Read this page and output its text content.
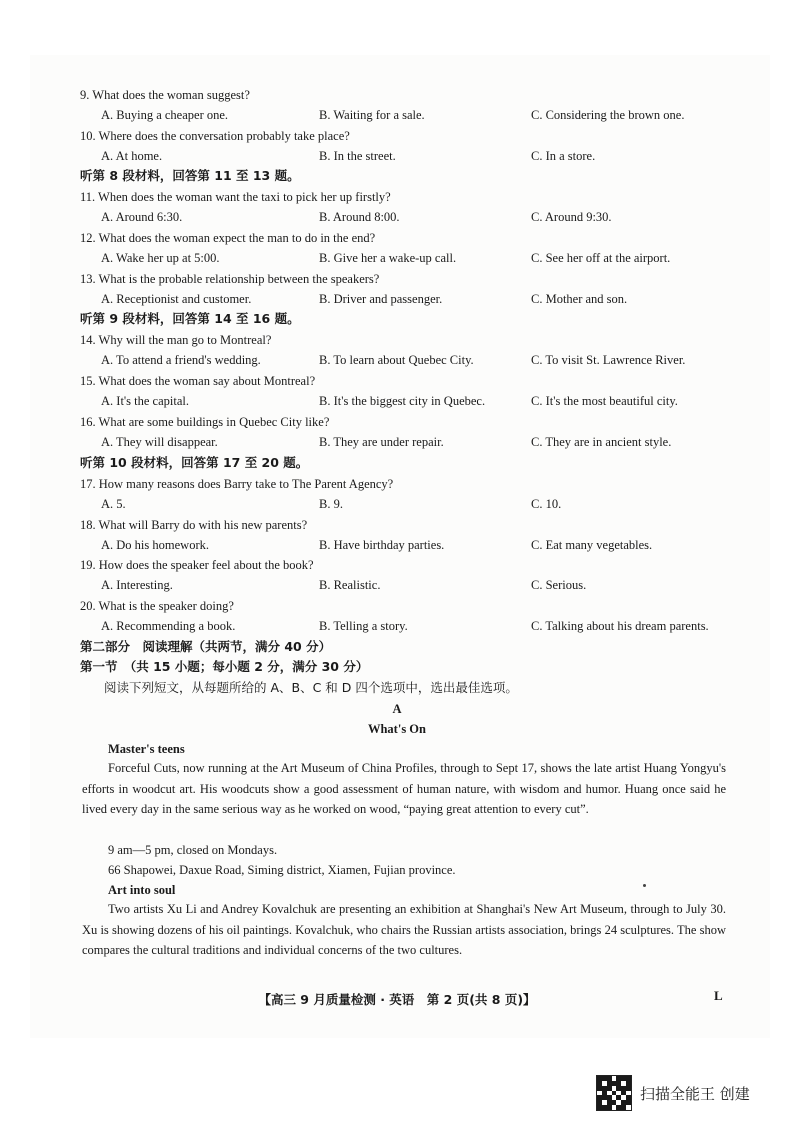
9. What does the woman suggest?
A. Buying a cheaper one.	B. Waiting for a sale.	C. Considering the brown one.
10. Where does the conversation probably take place?
A. At home.	B. In the street.	C. In a store.
听第 8 段材料，回答第 11 至 13 题。
11. When does the woman want the taxi to pick her up firstly?
A. Around 6:30.	B. Around 8:00.	C. Around 9:30.
12. What does the woman expect the man to do in the end?
A. Wake her up at 5:00.	B. Give her a wake-up call.	C. See her off at the airport.
13. What is the probable relationship between the speakers?
A. Receptionist and customer.	B. Driver and passenger.	C. Mother and son.
听第 9 段材料，回答第 14 至 16 题。
14. Why will the man go to Montreal?
A. To attend a friend's wedding.	B. To learn about Quebec City.	C. To visit St. Lawrence River.
15. What does the woman say about Montreal?
A. It's the capital.	B. It's the biggest city in Quebec.	C. It's the most beautiful city.
16. What are some buildings in Quebec City like?
A. They will disappear.	B. They are under repair.	C. They are in ancient style.
听第 10 段材料，回答第 17 至 20 题。
17. How many reasons does Barry take to The Parent Agency?
A. 5.	B. 9.	C. 10.
18. What will Barry do with his new parents?
A. Do his homework.	B. Have birthday parties.	C. Eat many vegetables.
19. How does the speaker feel about the book?
A. Interesting.	B. Realistic.	C. Serious.
20. What is the speaker doing?
A. Recommending a book.	B. Telling a story.	C. Talking about his dream parents.
第二部分　阅读理解（共两节，满分 40 分）
第一节　（共 15 小题；每小题 2 分，满分 30 分）
阅读下列短文，从每题所给的 A、B、C 和 D 四个选项中，选出最佳选项。
A
What's On
Master's teens

Forceful Cuts, now running at the Art Museum of China Profiles, through to Sept 17, shows the late artist Huang Yongyu's efforts in woodcut art. His woodcuts show a good assessment of human nature, with wisdom and humor. Huang once said he lived every day in the same serious way as he worked on wood, “paying great attention to every cut”.

9 am—5 pm, closed on Mondays.
66 Shapowei, Daxue Road, Siming district, Xiamen, Fujian province.
Art into soul

Two artists Xu Li and Andrey Kovalchuk are presenting an exhibition at Shanghai's New Art Museum, through to July 30. Xu is showing dozens of his oil paintings. Kovalchuk, who chairs the Russian artists association, brings 24 sculptures. The show compares the cultural traditions and individual concerns of the two cultures.

【高三 9 月质量检测 · 英语　第 2 页(共 8 页)】	L
扫描全能王 创建
